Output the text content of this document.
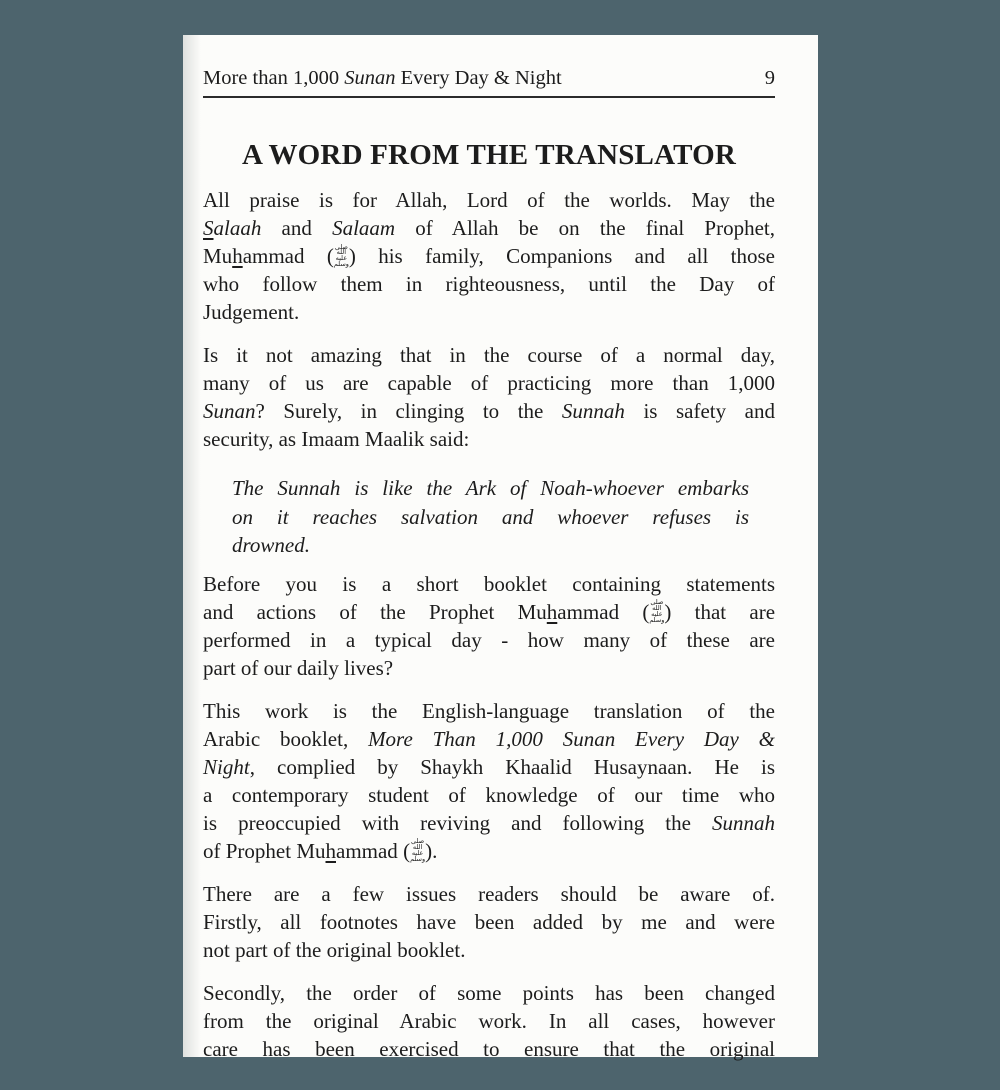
More than 1,000 Sunan Every Day & Night	9
A WORD FROM THE TRANSLATOR
All praise is for Allah, Lord of the worlds. May the
Salaah and Salaam of Allah be on the final Prophet,
Muhammad (صلى الله عليه وسلم) his family, Companions and all those
who follow them in righteousness, until the Day of
Judgement.
Is it not amazing that in the course of a normal day,
many of us are capable of practicing more than 1,000
Sunan? Surely, in clinging to the Sunnah is safety and
security, as Imaam Maalik said:
The Sunnah is like the Ark of Noah-whoever embarks
on it reaches salvation and whoever refuses is
drowned.
Before you is a short booklet containing statements
and actions of the Prophet Muhammad (صلى الله عليه وسلم) that are
performed in a typical day - how many of these are
part of our daily lives?
This work is the English-language translation of the
Arabic booklet, More Than 1,000 Sunan Every Day &
Night, complied by Shaykh Khaalid Husaynaan. He is
a contemporary student of knowledge of our time who
is preoccupied with reviving and following the Sunnah
of Prophet Muhammad (صلى الله عليه وسلم).
There are a few issues readers should be aware of.
Firstly, all footnotes have been added by me and were
not part of the original booklet.
Secondly, the order of some points has been changed
from the original Arabic work. In all cases, however
care has been exercised to ensure that the original
